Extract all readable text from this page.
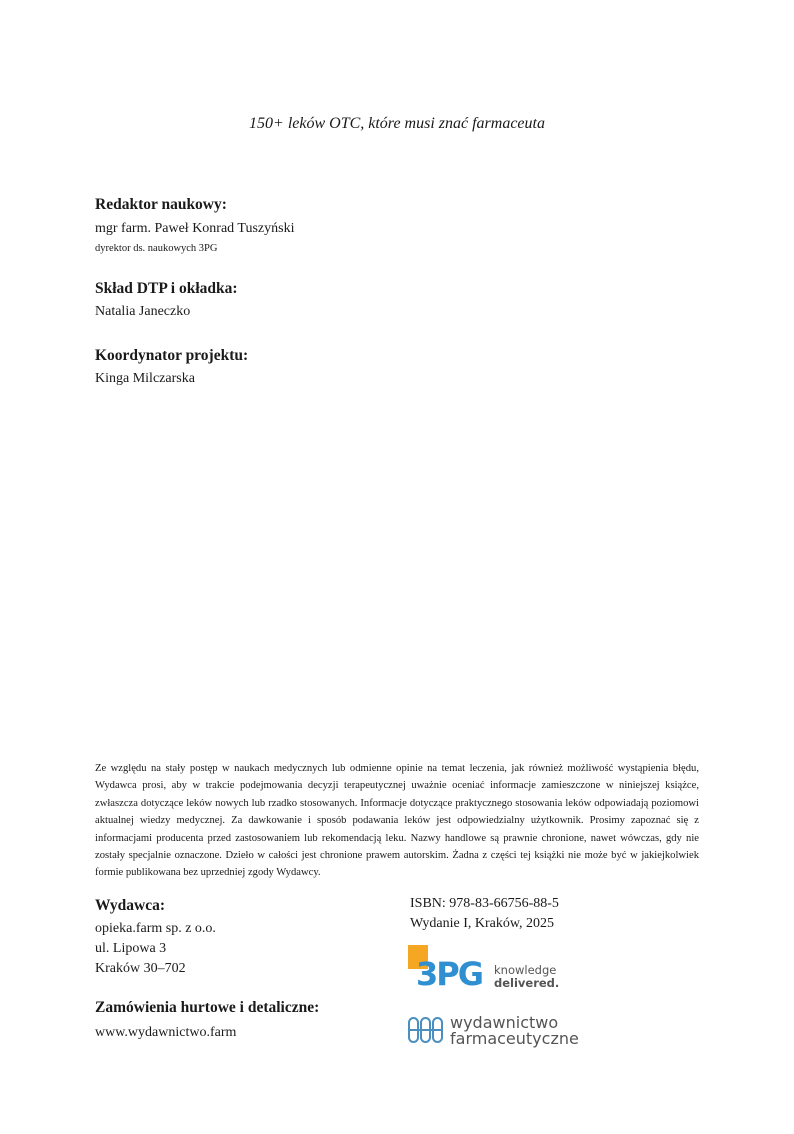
150+ leków OTC, które musi znać farmaceuta
Redaktor naukowy:
mgr farm. Paweł Konrad Tuszyński
dyrektor ds. naukowych 3PG
Skład DTP i okładka:
Natalia Janeczko
Koordynator projektu:
Kinga Milczarska
Ze względu na stały postęp w naukach medycznych lub odmienne opinie na temat leczenia, jak również możliwość wystąpienia błędu, Wydawca prosi, aby w trakcie podejmowania decyzji terapeutycznej uważnie oceniać informacje zamieszczone w niniejszej książce, zwłaszcza dotyczące leków nowych lub rzadko stosowanych. Informacje dotyczące praktycznego stosowania leków odpowiadają poziomowi aktualnej wiedzy medycznej. Za dawkowanie i sposób podawania leków jest odpowiedzialny użytkownik. Prosimy zapoznać się z informacjami producenta przed zastosowaniem lub rekomendacją leku. Nazwy handlowe są prawnie chronione, nawet wówczas, gdy nie zostały specjalnie oznaczone. Dzieło w całości jest chronione prawem autorskim. Żadna z części tej książki nie może być w jakiejkolwiek formie publikowana bez uprzedniej zgody Wydawcy.
Wydawca:
opieka.farm sp. z o.o.
ul. Lipowa 3
Kraków 30–702
Zamówienia hurtowe i detaliczne:
www.wydawnictwo.farm
ISBN: 978-83-66756-88-5
Wydanie I, Kraków, 2025
3PG knowledge
delivered.
wydawnictwo
farmaceutyczne
